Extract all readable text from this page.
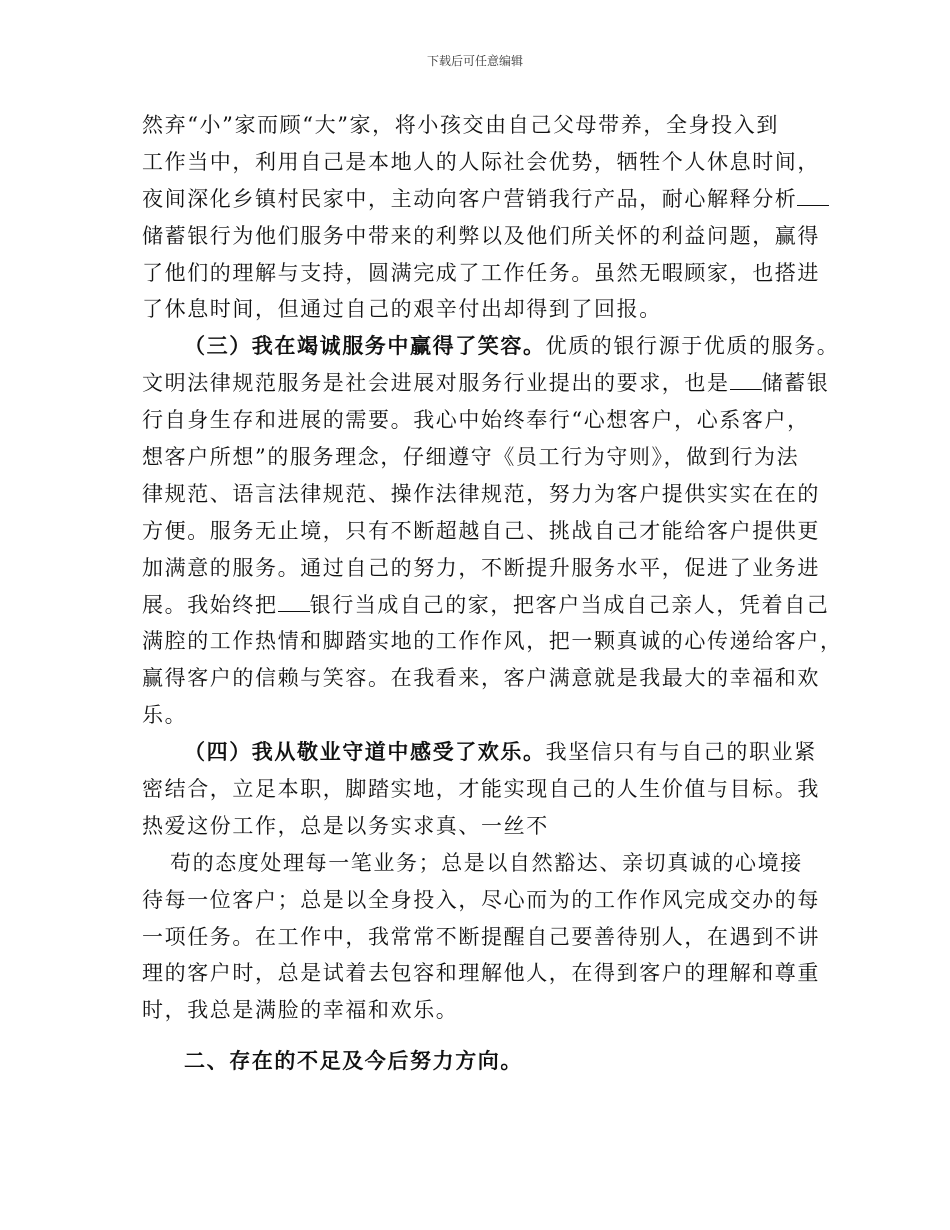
下载后可任意编辑
然弃“小”家而顾“大”家，将小孩交由自己父母带养，全身投入到
工作当中，利用自己是本地人的人际社会优势，牺牲个人休息时间，
夜间深化乡镇村民家中，主动向客户营销我行产品，耐心解释分析
储蓄银行为他们服务中带来的利弊以及他们所关怀的利益问题，赢得
了他们的理解与支持，圆满完成了工作任务。虽然无暇顾家，也搭进
了休息时间，但通过自己的艰辛付出却得到了回报。
（三）我在竭诚服务中赢得了笑容。优质的银行源于优质的服务。
文明法律规范服务是社会进展对服务行业提出的要求，也是 储蓄银
行自身生存和进展的需要。我心中始终奉行“心想客户，心系客户，
想客户所想”的服务理念，仔细遵守《员工行为守则》，做到行为法
律规范、语言法律规范、操作法律规范，努力为客户提供实实在在的
方便。服务无止境，只有不断超越自己、挑战自己才能给客户提供更
加满意的服务。通过自己的努力，不断提升服务水平，促进了业务进
展。我始终把 银行当成自己的家，把客户当成自己亲人，凭着自己
满腔的工作热情和脚踏实地的工作作风，把一颗真诚的心传递给客户，
赢得客户的信赖与笑容。在我看来，客户满意就是我最大的幸福和欢
乐。
（四）我从敬业守道中感受了欢乐。我坚信只有与自己的职业紧
密结合，立足本职，脚踏实地，才能实现自己的人生价值与目标。我
热爱这份工作，总是以务实求真、一丝不
苟的态度处理每一笔业务；总是以自然豁达、亲切真诚的心境接
待每一位客户；总是以全身投入，尽心而为的工作作风完成交办的每
一项任务。在工作中，我常常不断提醒自己要善待别人，在遇到不讲
理的客户时，总是试着去包容和理解他人，在得到客户的理解和尊重
时，我总是满脸的幸福和欢乐。
二、存在的不足及今后努力方向。
